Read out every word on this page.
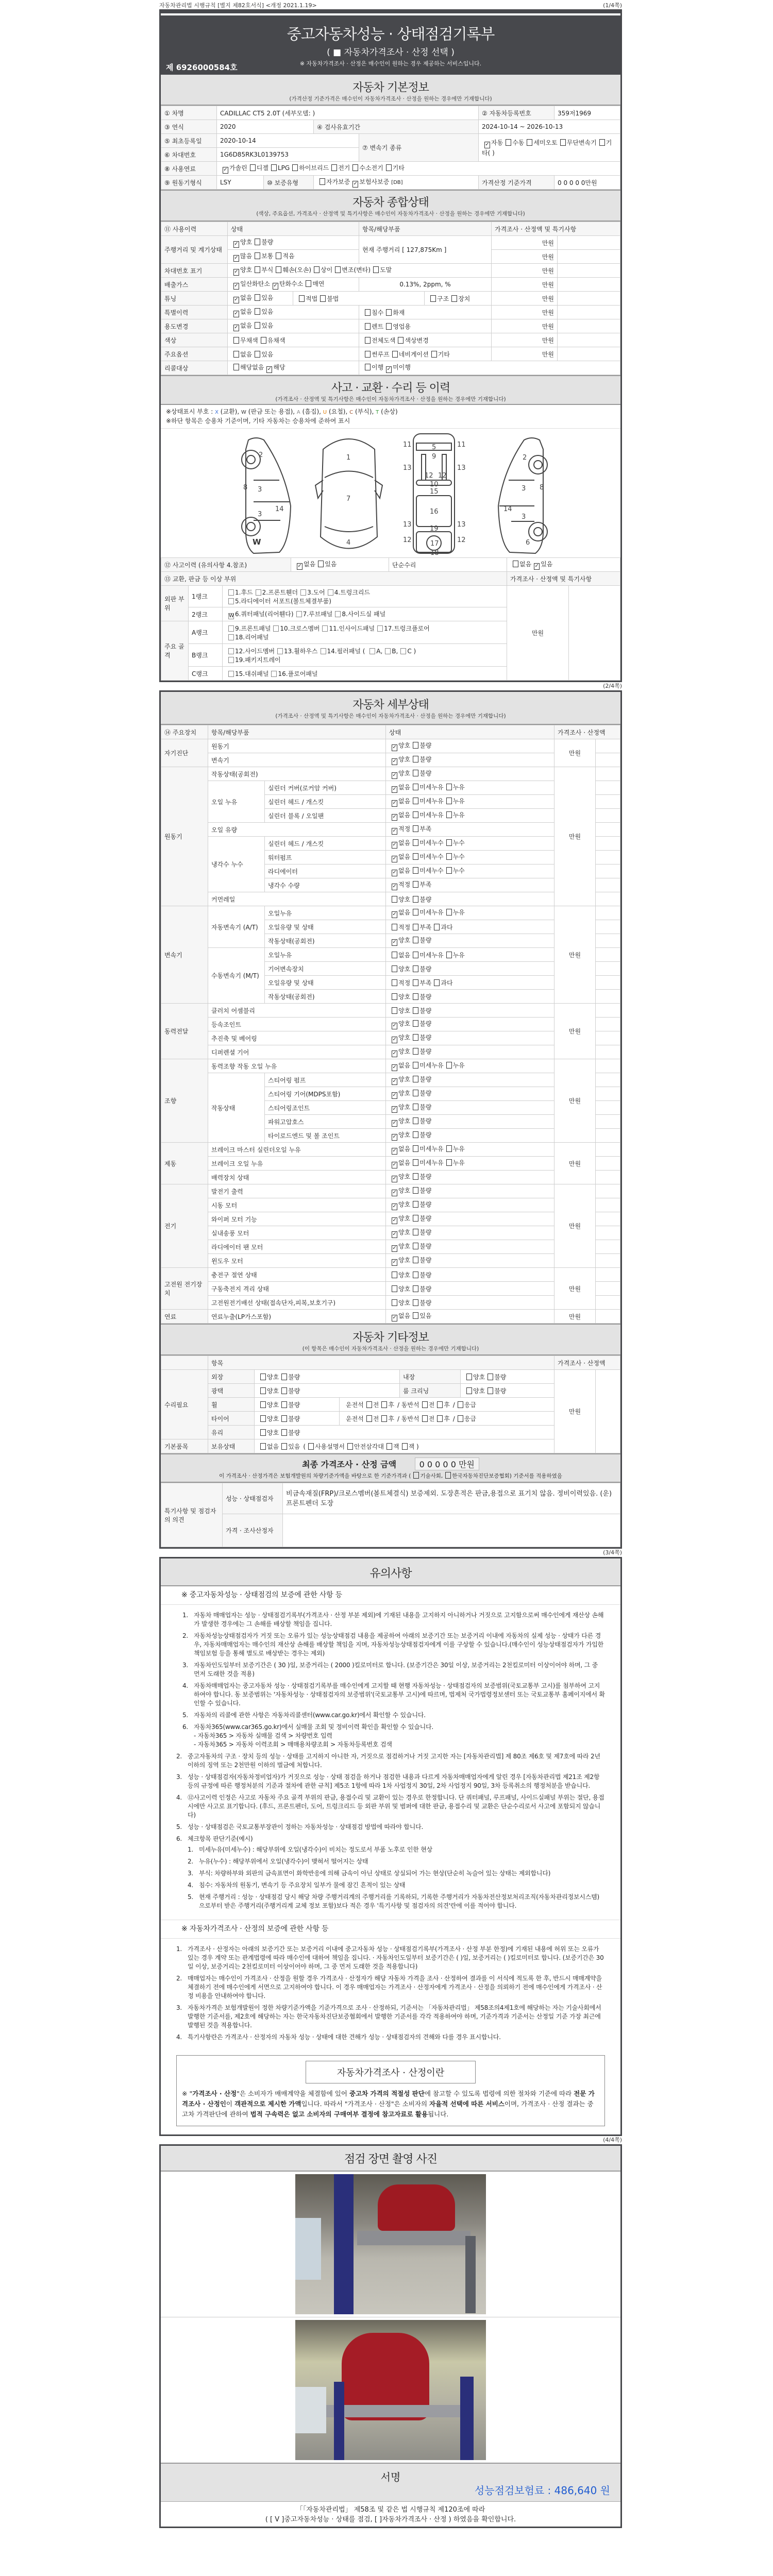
자동차관리법 시행규칙 [별지 제82호서식] <개정 2021.1.19>	(1/4쪽)
중고자동차성능 · 상태점검기록부
( ■ 자동차가격조사 · 산정 선택 )
※ 자동차가격조사 · 산정은 매수인이 원하는 경우 제공하는 서비스입니다.
제 6926000584호
자동차 기본정보

(가격산정 기준가격은 매수인이 자동차가격조사 · 산정을 원하는 경우에만 기재합니다)

① 차명	CADILLAC CT5 2.0T (세부모델: )				② 자동차등록번호	359저1969
③ 연식	2020		④ 검사유효기간		2024-10-14 ~ 2026-10-13	
⑤ 최초등록일	2020-10-14			⑦ 변속기 종류	✓ 자동 수동 세미오토 무단변속기 기타( )	
⑥ 차대번호	1G6D85RK3L0139753					
⑧ 사용연료	✓ 가솔린 디젤 LPG 하이브리드 전기 수소전기 기타					
⑨ 원동기형식	LSY	⑩ 보증유형	자가보증 ✓ 보험사보증 [DB]		가격산정 기준가격	0 0 0 0 0만원
자동차 종합상태

(색상, 주요옵션, 가격조사 · 산정액 및 특기사항은 매수인이 자동차가격조사 · 산정을 원하는 경우에만 기재합니다)

⑪ 사용이력	상태		항목/해당부품		가격조사 · 산정액 및 특기사항	
주행거리 및 계기상태	✓ 양호 불량		현재 주행거리 [ 127,875Km ]		만원	
	✓ 많음 보통 적음				만원	
차대번호 표기	✓ 양호 부식 훼손(오손) 상이 변조(변타) 도말				만원	
배출가스	✓ 일산화탄소 ✓ 탄화수소 매연		0.13%, 2ppm, %		만원	
튜닝	✓ 없음 있음	적법 불법		구조 장치	만원	
특별이력	✓ 없음 있음		침수 화재		만원	
용도변경	✓ 없음 있음		렌트 영업용		만원	
색상	무채색 유채색		전체도색 색상변경		만원	
주요옵션	없음 있음		썬루프 네비게이션 기타		만원	
리콜대상	해당없음 ✓ 해당		이행 ✓ 미이행			
사고 · 교환 · 수리 등 이력

(가격조사 · 산정액 및 특기사항은 매수인이 자동차가격조사 · 산정을 원하는 경우에만 기재합니다)

※상태표시 부호 : X (교환), W (판금 또는 용접), A (흠집), U (요철), C (부식), T (손상)
※하단 항목은 승용차 기준이며, 기타 자동차는 승용차에 준하여 표시
2
8 3
3
14
1
7
4
5
9
11	11
13	13
12 12
10
15
16
19
13	13
12	12
17
18
2
3 8
14
3
6
W
⑫ 사고이력 (유의사항 4.참조)			✓ 없음 있음	단순수리	없음 ✓ 있음	
⑬ 교환, 판금 등 이상 부위					가격조사 · 산정액 및 특기사항	
외판 부위	1랭크	1.후드 2.프론트휀더 3.도어 4.트렁크리드
5.라디에이터 서포트(볼트체결부품)			만원	
	2랭크	W 6.쿼터패널(리어휀다) 7.루브패널 8.사이드실 패널				
주요 골격	A랭크	9.프론트패널 10.크로스멤버 11.인사이드패널 17.트렁크플로어
18.리어패널				
	B랭크	12.사이드멤버 13.휠하우스 14.필러패널 ( A, B, C )
19.패키지트레이				
	C랭크	15.대쉬패널 16.플로어패널				
(2/4쪽)
자동차 세부상태

(가격조사 · 산정액 및 특기사항은 매수인이 자동차가격조사 · 산정을 원하는 경우에만 기재합니다)

⑭ 주요장치	항목/해당부품		상태	가격조사 · 산정액	
자기진단	원동기		✓ 양호 불량	만원	
	변속기		✓ 양호 불량		
원동기	작동상태(공회전)		✓ 양호 불량	만원	
	오일 누유	실린더 커버(로커암 커버)	✓ 없음 미세누유 누유		
		실린더 헤드 / 개스킷	✓ 없음 미세누유 누유		
		실린더 블록 / 오일팬	✓ 없음 미세누유 누유		
	오일 유량		✓ 적정 부족		
	냉각수 누수	실린더 헤드 / 개스킷	✓ 없음 미세누수 누수		
		워터펌프	✓ 없음 미세누수 누수		
		라디에이터	✓ 없음 미세누수 누수		
		냉각수 수량	✓ 적정 부족		
	커먼레일		양호 불량		
변속기	자동변속기 (A/T)	오일누유	✓ 없음 미세누유 누유	만원	
		오일유량 및 상태	적정 부족 과다		
		작동상태(공회전)	✓ 양호 불량		
	수동변속기 (M/T)	오일누유	없음 미세누유 누유		
		기어변속장치	양호 불량		
		오일유량 및 상태	적정 부족 과다		
		작동상태(공회전)	양호 불량		
동력전달	클러치 어셈블리		양호 불량	만원	
	등속조인트		✓ 양호 불량		
	추진축 및 베어링		✓ 양호 불량		
	디퍼렌셜 기어		✓ 양호 불량		
조향	동력조향 작동 오일 누유		✓ 없음 미세누유 누유	만원	
	작동상태	스티어링 펌프	✓ 양호 불량		
		스티어링 기어(MDPS포함)	✓ 양호 불량		
		스티어링조인트	✓ 양호 불량		
		파워고압호스	✓ 양호 불량		
		타이로드엔드 및 볼 조인트	✓ 양호 불량		
제동	브레이크 마스터 실린더오일 누유		✓ 없음 미세누유 누유	만원	
	브레이크 오일 누유		✓ 없음 미세누유 누유		
	배력장치 상태		✓ 양호 불량		
전기	발전기 출력		✓ 양호 불량	만원	
	시동 모터		✓ 양호 불량		
	와이퍼 모터 기능		✓ 양호 불량		
	실내송풍 모터		✓ 양호 불량		
	라디에이터 팬 모터		✓ 양호 불량		
	윈도우 모터		✓ 양호 불량		
고전원 전기장치	충전구 절연 상태		양호 불량	만원	
	구동축전지 격리 상태		양호 불량		
	고전원전기배선 상태(접속단자,피복,보호기구)		양호 불량		
연료	연료누출(LP가스포함)		✓ 없음 있음	만원	
자동차 기타정보

(이 항목은 매수인이 자동차가격조사 · 산정을 원하는 경우에만 기재합니다)

	항목					가격조사 · 산정액	
수리필요	외장	양호 불량		내장	양호 불량	만원	
	광택	양호 불량		룸 크리닝	양호 불량		
	휠	양호 불량	운전석 전 후 / 동반석 전 후 / 응급				
	타이어	양호 불량	운전석 전 후 / 동반석 전 후 / 응급				
	유리	양호 불량					
기본품목	보유상태	없음 있음 ( 사용설명서 안전삼각대 잭 잭 )					
최종 가격조사 · 산정 금액	0 0 0 0 0 만원
이 가격조사 · 산정가격은 보험개발원의 차량기준가액을 바탕으로 한 기준가격과 ( 기술사회, 한국자동차진단보증협회) 기준서를 적용하였음
특기사항 및 점검자의 의견	성능 · 상태점검자	비금속재질(FRP)/크로스멤버(볼트체결식) 보증제외. 도장흔적은 판금,용접으로 표기치 않음. 정비이력있음. (운)프론트펜더 도장
	가격 · 조사산정자	
(3/4쪽)
유의사항
※ 중고자동차성능 · 상태점검의 보증에 관한 사항 등
1. 자동차 매매업자는 성능 · 상태점검기록부(가격조사 · 산정 부분 제외)에 기재된 내용을 고지하지 아니하거나 거짓으로 고지함으로써 매수인에게 재산상 손해가 발생한 경우에는 그 손해를 배상할 책임을 집니다.
2. 자동차성능상태점검자가 거짓 또는 오류가 있는 성능상태점검 내용을 제공하여 아래의 보증기간 또는 보증거리 이내에 자동차의 실제 성능 · 상태가 다른 경우, 자동차매매업자는 매수인의 재산상 손해를 배상할 책임을 지며, 자동차성능상태점검자에게 이를 구상할 수 있습니다.(매수인이 성능상태점검자가 가입한 책임보험 등을 통해 별도로 배상받는 경우는 제외)
3. 자동차인도일부터 보증기간은 ( 30 )일, 보증거리는 ( 2000 )킬로미터로 합니다. (보증기간은 30일 이상, 보증거리는 2천킬로미터 이상이어야 하며, 그 중 먼저 도래한 것을 적용)
4. 자동차매매업자는 중고자동차 성능 · 상태점검기록부를 매수인에게 고지할 때 현행 자동차성능 · 상태점검자의 보증범위(국토교통부 고시)를 첨부하여 고지하여야 합니다. 동 보증범위는 '자동차성능 · 상태점검자의 보증범위'(국토교통부 고시)에 따르며, 법제처 국가법령정보센터 또는 국토교통부 홈페이지에서 확인할 수 있습니다.
5. 자동차의 리콜에 관한 사항은 자동차리콜센터(www.car.go.kr)에서 확인할 수 있습니다.
6. 자동차365(www.car365.go.kr)에서 실매물 조회 및 정비이력 확인을 확인할 수 있습니다.
- 자동차365 > 자동차 실매물 검색 > 차량번호 입력
- 자동차365 > 자동차 이력조회 > 매매용차량조회 > 자동차등록번호 검색
2. 중고자동차의 구조 · 장치 등의 성능 · 상태를 고지하지 아니한 자, 거짓으로 점검하거나 거짓 고지한 자는 [자동차관리법] 제 80조 제6호 및 제7호에 따라 2년 이하의 징역 또는 2천만원 이하의 벌금에 처합니다.
3. 성능 · 상태점검자(자동차정비업자)가 거짓으로 성능 · 상태 점검을 하거나 점검한 내용과 다르게 자동차매매업자에게 알린 경우 [자동차관리법 제21조 제2항 등의 규정에 따른 행정처분의 기준과 절차에 관한 규칙] 제5조 1항에 따라 1차 사업정지 30일, 2차 사업정지 90일, 3차 등록취소의 행정처분을 받습니다.
4. ⑫사고이력 인정은 사고로 자동차 주요 골격 부위의 판금, 용접수리 및 교환이 있는 경우로 한정합니다. 단 쿼터패널, 루프패널, 사이드실패널 부위는 절단, 용접 시에만 사고로 표기합니다. (후드, 프론트펜더, 도어, 트렁크리드 등 외판 부위 및 범퍼에 대한 판금, 용접수리 및 교환은 단순수리로서 사고에 포함되지 않습니다)
5. 성능 · 상태점검은 국토교통부장관이 정하는 자동차성능 · 상태점검 방법에 따라야 합니다.
6. 체크항목 판단기준(예시)
1. 미세누유(미세누수) : 해당부위에 오일(냉각수)이 비치는 정도로서 부품 노후로 인한 현상
2. 누유(누수) : 해당부위에서 오일(냉각수)이 맺혀서 떨어지는 상태
3. 부식: 차량하부와 외판의 금속표면이 화학반응에 의해 금속이 아닌 상태로 상실되어 가는 현상(단순히 녹슬어 있는 상태는 제외합니다)
4. 침수: 자동차의 원동기, 변속기 등 주요장치 일부가 물에 잠긴 흔적이 있는 상태
5. 현재 주행거리 : 성능 · 상태점검 당시 해당 차량 주행거리계의 주행거리를 기록하되, 기록한 주행거리가 자동차전산정보처리조직(자동차관리정보시스템)으로부터 받은 주행거리(주행거리계 교체 정보 포함)보다 적은 경우 '특기사항 및 점검자의 의견'란에 이를 적어야 합니다.
※ 자동차가격조사 · 산정의 보증에 관한 사항 등
1. 가격조사 · 산정자는 아래의 보증기간 또는 보증거리 이내에 중고자동차 성능 · 상태점검기록부(가격조사 · 산정 부분 한정)에 기재된 내용에 허위 또는 오류가 있는 경우 계약 또는 관계법령에 따라 매수인에 대하여 책임을 집니다. · 자동차인도일부터 보증기간은 ( )일, 보증거리는 ( )킬로미터로 합니다. (보증기간은 30일 이상, 보증거리는 2천킬로미터 이상이어야 하며, 그 중 먼저 도래한 것을 적용합니다)
2. 매매업자는 매수인이 가격조사 · 산정을 원할 경우 가격조사 · 산정자가 해당 자동차 가격을 조사 · 산정하여 결과를 이 서식에 적도록 한 후, 반드시 매매계약을 체결하기 전에 매수인에게 서면으로 고지하여야 합니다. 이 경우 매매업자는 가격조사 · 산정자에게 가격조사 · 산정을 의뢰하기 전에 매수인에게 가격조사 · 산정 비용을 안내하여야 합니다.
3. 자동차가격은 보험개발원이 정한 차량기준가액을 기준가격으로 조사 · 산정하되, 기준서는 「자동차관리법」 제58조의4제1호에 해당하는 자는 기술사회에서 발행한 기준서를, 제2호에 해당하는 자는 한국자동차진단보증협회에서 발행한 기준서를 각각 적용하여야 하며, 기준가격과 기준서는 산정일 기준 가장 최근에 발행된 것을 적용합니다.
4. 특기사항란은 가격조사 · 산정자의 자동차 성능 · 상태에 대한 견해가 성능 · 상태점검자의 견해와 다를 경우 표시합니다.
자동차가격조사 · 산정이란

※ "가격조사 · 산정"은 소비자가 매매계약을 체결함에 있어 중고차 가격의 적절성 판단에 참고할 수 있도록 법령에 의한 절차와 기준에 따라 전문 가격조사 · 산정인이 객관적으로 제시한 가액입니다. 따라서 "가격조사 · 산정"은 소비자의 자율적 선택에 따른 서비스이며, 가격조사 · 산정 결과는 중고차 가격판단에 관하여 법적 구속력은 없고 소비자의 구매여부 결정에 참고자료로 활용됩니다.

(4/4쪽)
점검 장면 촬영 사진
서명
성능점검보험료 : 486,640 원
「「자동차관리법」 제58조 및 같은 법 시행규칙 제120조에 따라
( [ V ]중고자동차성능 · 상태를 점검, [ ]자동차가격조사 · 산정 ) 하였음을 확인합니다.
